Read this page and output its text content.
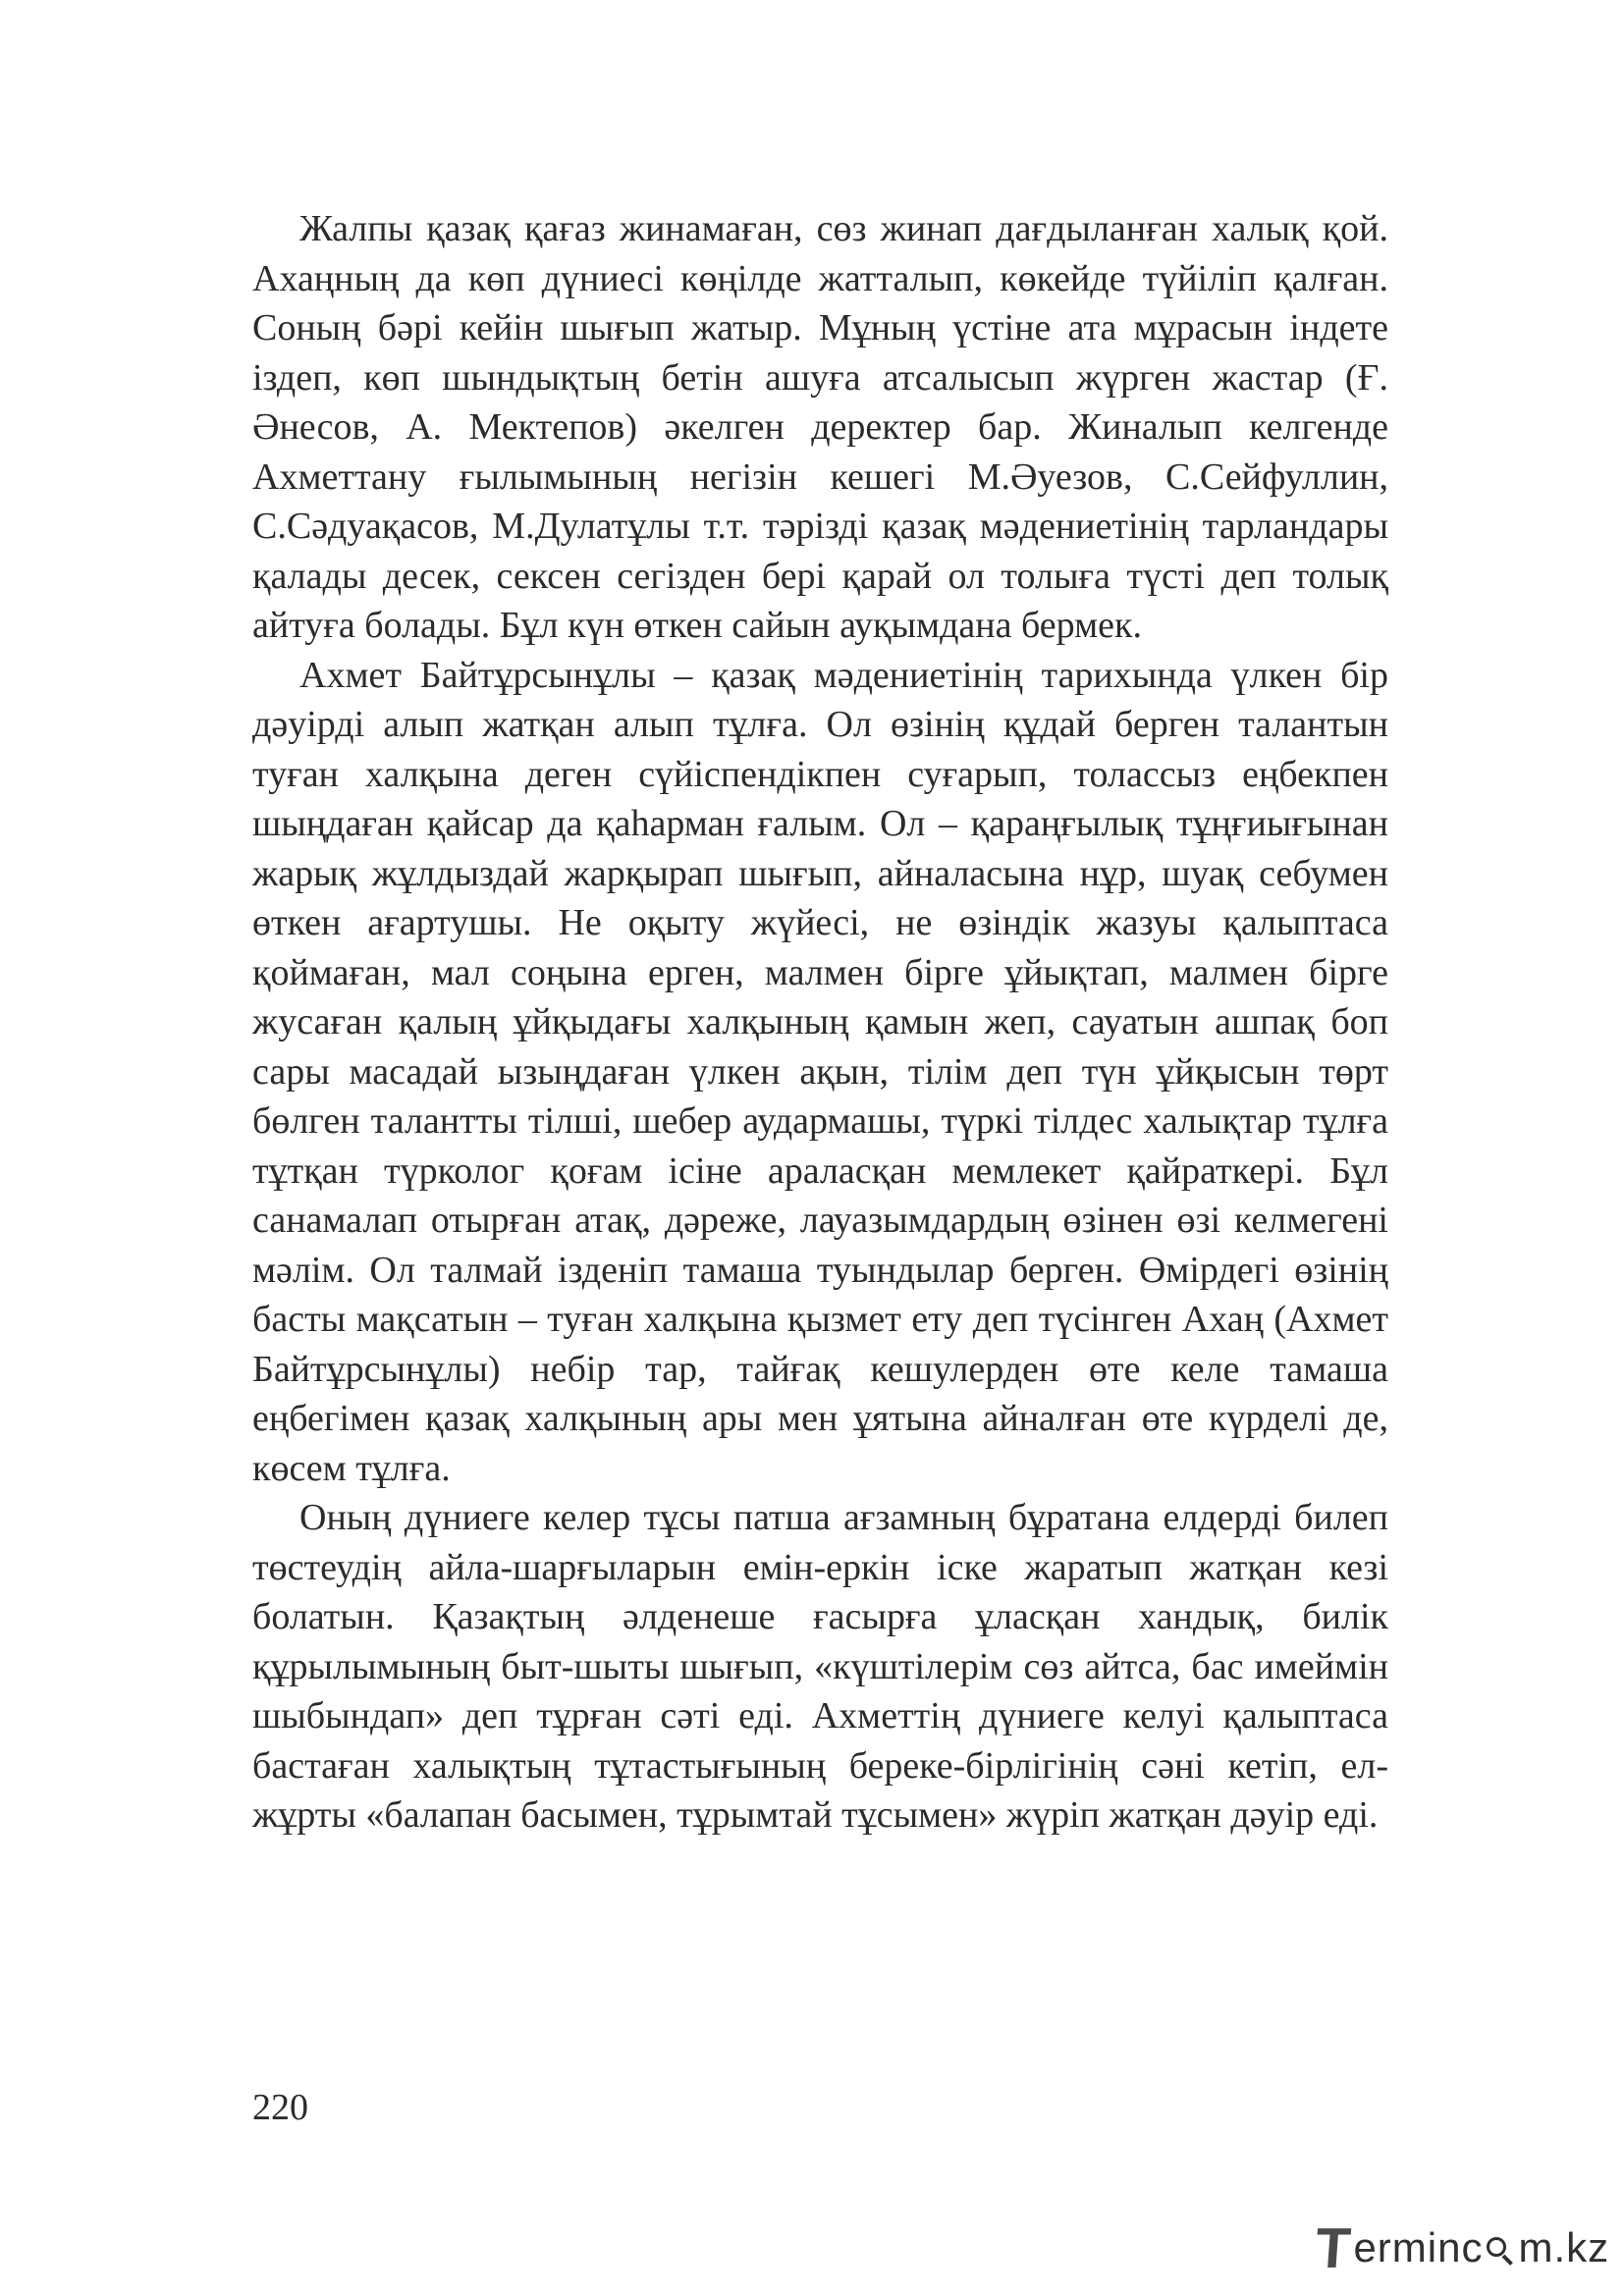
Жалпы қазақ қағаз жинамаған, сөз жинап дағдыланған халық қой. Ахаңның да көп дүниесі көңілде жатталып, көкейде түйіліп қалған. Соның бәрі кейін шығып жатыр. Мұның үстіне ата мұрасын індете іздеп, көп шындықтың бетін ашуға атсалысып жүрген жастар (Ғ. Әнесов, А. Мектепов) әкелген деректер бар. Жиналып келгенде Ахметтану ғылымының негізін кешегі М.Әуезов, С.Сейфуллин, С.Сәдуақасов, М.Дулатұлы т.т. тәрізді қазақ мәдениетінің тарландары қалады десек, сексен сегізден бері қарай ол толыға түсті деп толық айтуға болады. Бұл күн өткен сайын ауқымдана бермек.

Ахмет Байтұрсынұлы – қазақ мәдениетінің тарихында үлкен бір дәуірді алып жатқан алып тұлға. Ол өзінің құдай берген талантын туған халқына деген сүйіспендікпен суғарып, толассыз еңбекпен шыңдаған қайсар да қаһарман ғалым. Ол – қараңғылық тұңғиығынан жарық жұлдыздай жарқырап шығып, айналасына нұр, шуақ себумен өткен ағартушы. Не оқыту жүйесі, не өзіндік жазуы қалыптаса қоймаған, мал соңына ерген, малмен бірге ұйықтап, малмен бірге жусаған қалың ұйқыдағы халқының қамын жеп, сауатын ашпақ боп сары масадай ызыңдаған үлкен ақын, тілім деп түн ұйқысын төрт бөлген талантты тілші, шебер аудармашы, түркі тілдес халықтар тұлға тұтқан түрколог қоғам ісіне араласқан мемлекет қайраткері. Бұл санамалап отырған атақ, дәреже, лауазымдардың өзінен өзі келмегені мәлім. Ол талмай ізденіп тамаша туындылар берген. Өмірдегі өзінің басты мақсатын – туған халқына қызмет ету деп түсінген Ахаң (Ахмет Байтұрсынұлы) небір тар, тайғақ кешулерден өте келе тамаша еңбегімен қазақ халқының ары мен ұятына айналған өте күрделі де, көсем тұлға.

Оның дүниеге келер тұсы патша ағзамның бұратана елдерді билеп төстеудің айла-шарғыларын емін-еркін іске жаратып жатқан кезі болатын. Қазақтың әлденеше ғасырға ұласқан хандық, билік құрылымының быт-шыты шығып, «күштілерім сөз айтса, бас имеймін шыбындап» деп тұрған сәті еді. Ахметтің дүниеге келуі қалыптаса бастаған халықтың тұтастығының береке-бірлігінің сәні кетіп, ел-жұрты «балапан басымен, тұрымтай тұсымен» жүріп жатқан дәуір еді.

220
T erminc m.kz
